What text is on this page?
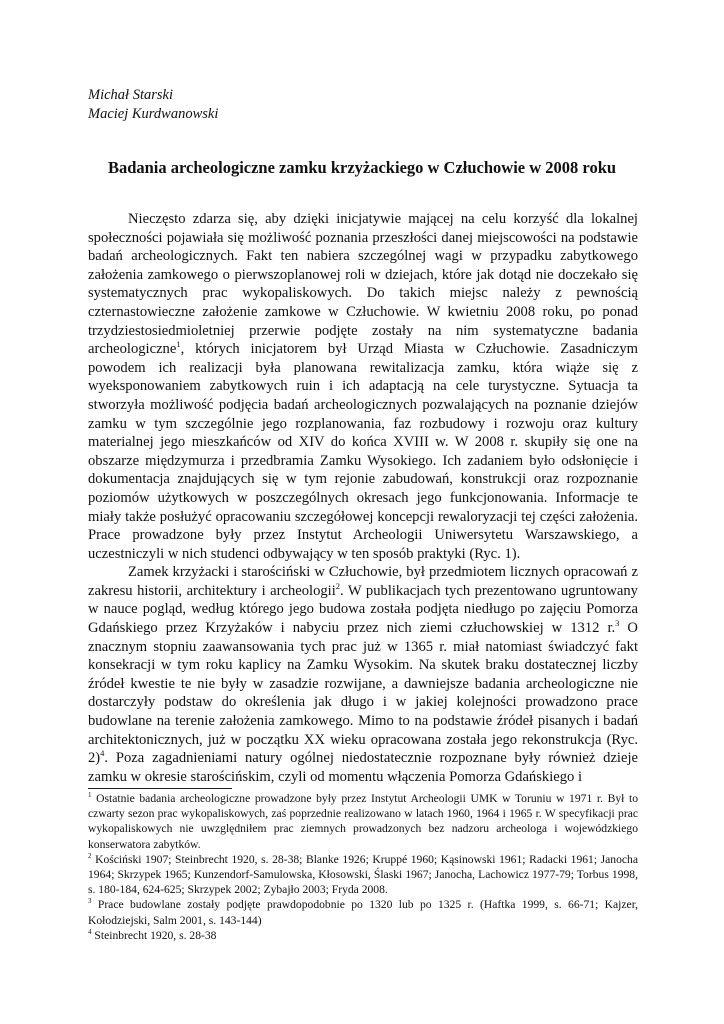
Michał Starski
Maciej Kurdwanowski
Badania archeologiczne zamku krzyżackiego w Człuchowie w 2008 roku

Nieczęsto zdarza się, aby dzięki inicjatywie mającej na celu korzyść dla lokalnej społeczności pojawiała się możliwość poznania przeszłości danej miejscowości na podstawie badań archeologicznych. Fakt ten nabiera szczególnej wagi w przypadku zabytkowego założenia zamkowego o pierwszoplanowej roli w dziejach, które jak dotąd nie doczekało się systematycznych prac wykopaliskowych. Do takich miejsc należy z pewnością czternastowieczne założenie zamkowe w Człuchowie. W kwietniu 2008 roku, po ponad trzydziestosiedmioletniej przerwie podjęte zostały na nim systematyczne badania archeologiczne$^1$, których inicjatorem był Urząd Miasta w Człuchowie. Zasadniczym powodem ich realizacji była planowana rewitalizacja zamku, która wiąże się z wyeksponowaniem zabytkowych ruin i ich adaptacją na cele turystyczne. Sytuacja ta stworzyła możliwość podjęcia badań archeologicznych pozwalających na poznanie dziejów zamku w tym szczególnie jego rozplanowania, faz rozbudowy i rozwoju oraz kultury materialnej jego mieszkańców od XIV do końca XVIII w. W 2008 r. skupiły się one na obszarze międzymurza i przedbramia Zamku Wysokiego. Ich zadaniem było odsłonięcie i dokumentacja znajdujących się w tym rejonie zabudowań, konstrukcji oraz rozpoznanie poziomów użytkowych w poszczególnych okresach jego funkcjonowania. Informacje te miały także posłużyć opracowaniu szczegółowej koncepcji rewaloryzacji tej części założenia. Prace prowadzone były przez Instytut Archeologii Uniwersytetu Warszawskiego, a uczestniczyli w nich studenci odbywający w ten sposób praktyki (Ryc. 1).

Zamek krzyżacki i starościński w Człuchowie, był przedmiotem licznych opracowań z zakresu historii, architektury i archeologii$^2$. W publikacjach tych prezentowano ugruntowany w nauce pogląd, według którego jego budowa została podjęta niedługo po zajęciu Pomorza Gdańskiego przez Krzyżaków i nabyciu przez nich ziemi człuchowskiej w 1312 r.$^3$ O znacznym stopniu zaawansowania tych prac już w 1365 r. miał natomiast świadczyć fakt konsekracji w tym roku kaplicy na Zamku Wysokim. Na skutek braku dostatecznej liczby źródeł kwestie te nie były w zasadzie rozwijane, a dawniejsze badania archeologiczne nie dostarczyły podstaw do określenia jak długo i w jakiej kolejności prowadzono prace budowlane na terenie założenia zamkowego. Mimo to na podstawie źródeł pisanych i badań architektonicznych, już w początku XX wieku opracowana została jego rekonstrukcja (Ryc. 2)$^4$. Poza zagadnieniami natury ogólnej niedostatecznie rozpoznane były również dzieje zamku w okresie starościńskim, czyli od momentu włączenia Pomorza Gdańskiego i

$^1$ Ostatnie badania archeologiczne prowadzone były przez Instytut Archeologii UMK w Toruniu w 1971 r. Był to czwarty sezon prac wykopaliskowych, zaś poprzednie realizowano w latach 1960, 1964 i 1965 r. W specyfikacji prac wykopaliskowych nie uwzględniłem prac ziemnych prowadzonych bez nadzoru archeologa i wojewódzkiego konserwatora zabytków.

$^2$ Kościński 1907; Steinbrecht 1920, s. 28-38; Blanke 1926; Kruppé 1960; Kąsinowski 1961; Radacki 1961; Janocha 1964; Skrzypek 1965; Kunzendorf-Samulowska, Kłosowski, Ślaski 1967; Janocha, Lachowicz 1977-79; Torbus 1998, s. 180-184, 624-625; Skrzypek 2002; Zybajło 2003; Fryda 2008.

$^3$ Prace budowlane zostały podjęte prawdopodobnie po 1320 lub po 1325 r. (Haftka 1999, s. 66-71; Kajzer, Kołodziejski, Salm 2001, s. 143-144)

$^4$ Steinbrecht 1920, s. 28-38
